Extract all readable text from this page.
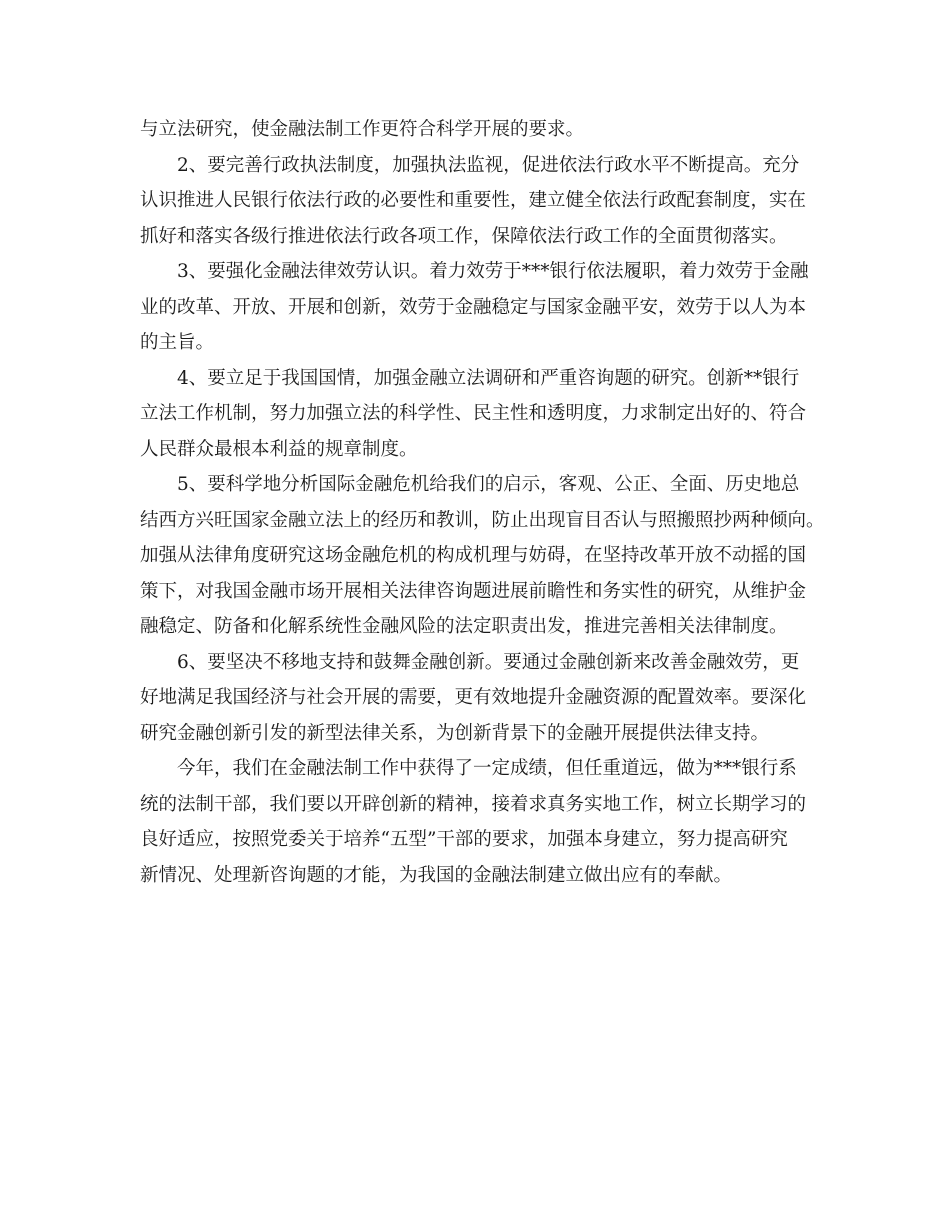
与立法研究，使金融法制工作更符合科学开展的要求。
2、要完善行政执法制度，加强执法监视，促进依法行政水平不断提高。充分
认识推进人民银行依法行政的必要性和重要性，建立健全依法行政配套制度，实在
抓好和落实各级行推进依法行政各项工作，保障依法行政工作的全面贯彻落实。
3、要强化金融法律效劳认识。着力效劳于***银行依法履职，着力效劳于金融
业的改革、开放、开展和创新，效劳于金融稳定与国家金融平安，效劳于以人为本
的主旨。
4、要立足于我国国情，加强金融立法调研和严重咨询题的研究。创新**银行
立法工作机制，努力加强立法的科学性、民主性和透明度，力求制定出好的、符合
人民群众最根本利益的规章制度。
5、要科学地分析国际金融危机给我们的启示，客观、公正、全面、历史地总
结西方兴旺国家金融立法上的经历和教训，防止出现盲目否认与照搬照抄两种倾向。
加强从法律角度研究这场金融危机的构成机理与妨碍，在坚持改革开放不动摇的国
策下，对我国金融市场开展相关法律咨询题进展前瞻性和务实性的研究，从维护金
融稳定、防备和化解系统性金融风险的法定职责出发，推进完善相关法律制度。
6、要坚决不移地支持和鼓舞金融创新。要通过金融创新来改善金融效劳，更
好地满足我国经济与社会开展的需要，更有效地提升金融资源的配置效率。要深化
研究金融创新引发的新型法律关系，为创新背景下的金融开展提供法律支持。
今年，我们在金融法制工作中获得了一定成绩，但任重道远，做为***银行系
统的法制干部，我们要以开辟创新的精神，接着求真务实地工作，树立长期学习的
良好适应，按照党委关于培养“五型”干部的要求，加强本身建立，努力提高研究
新情况、处理新咨询题的才能，为我国的金融法制建立做出应有的奉献。
